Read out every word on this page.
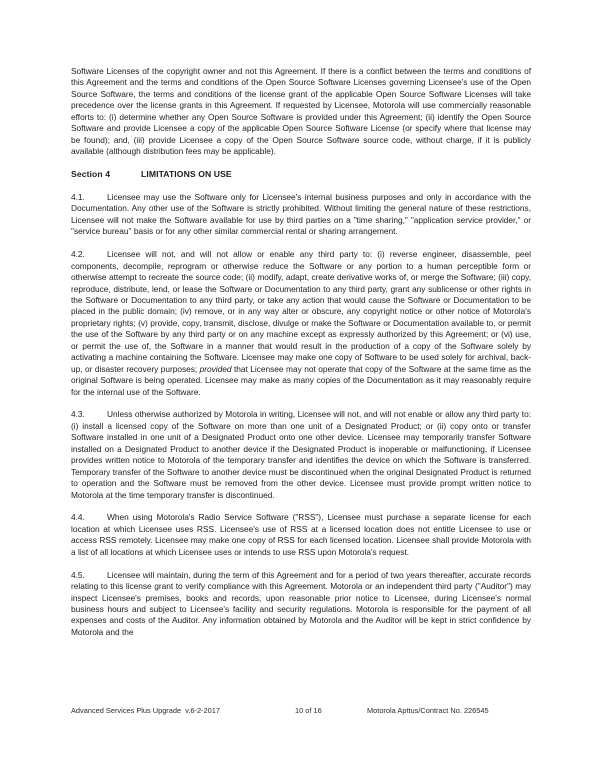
Software Licenses of the copyright owner and not this Agreement. If there is a conflict between the terms and conditions of this Agreement and the terms and conditions of the Open Source Software Licenses governing Licensee's use of the Open Source Software, the terms and conditions of the license grant of the applicable Open Source Software Licenses will take precedence over the license grants in this Agreement. If requested by Licensee, Motorola will use commercially reasonable efforts to: (i) determine whether any Open Source Software is provided under this Agreement; (ii) identify the Open Source Software and provide Licensee a copy of the applicable Open Source Software License (or specify where that license may be found); and, (iii) provide Licensee a copy of the Open Source Software source code, without charge, if it is publicly available (although distribution fees may be applicable).

Section 4	LIMITATIONS ON USE

4.1.	Licensee may use the Software only for Licensee's internal business purposes and only in accordance with the Documentation. Any other use of the Software is strictly prohibited. Without limiting the general nature of these restrictions, Licensee will not make the Software available for use by third parties on a "time sharing," "application service provider," or "service bureau" basis or for any other similar commercial rental or sharing arrangement.

4.2.	Licensee will not, and will not allow or enable any third party to: (i) reverse engineer, disassemble, peel components, decompile, reprogram or otherwise reduce the Software or any portion to a human perceptible form or otherwise attempt to recreate the source code; (ii) modify, adapt, create derivative works of, or merge the Software; (iii) copy, reproduce, distribute, lend, or lease the Software or Documentation to any third party, grant any sublicense or other rights in the Software or Documentation to any third party, or take any action that would cause the Software or Documentation to be placed in the public domain; (iv) remove, or in any way alter or obscure, any copyright notice or other notice of Motorola's proprietary rights; (v) provide, copy, transmit, disclose, divulge or make the Software or Documentation available to, or permit the use of the Software by any third party or on any machine except as expressly authorized by this Agreement; or (vi) use, or permit the use of, the Software in a manner that would result in the production of a copy of the Software solely by activating a machine containing the Software. Licensee may make one copy of Software to be used solely for archival, back-up, or disaster recovery purposes; provided that Licensee may not operate that copy of the Software at the same time as the original Software is being operated. Licensee may make as many copies of the Documentation as it may reasonably require for the internal use of the Software.

4.3.	Unless otherwise authorized by Motorola in writing, Licensee will not, and will not enable or allow any third party to: (i) install a licensed copy of the Software on more than one unit of a Designated Product; or (ii) copy onto or transfer Software installed in one unit of a Designated Product onto one other device. Licensee may temporarily transfer Software installed on a Designated Product to another device if the Designated Product is inoperable or malfunctioning, if Licensee provides written notice to Motorola of the temporary transfer and identifies the device on which the Software is transferred. Temporary transfer of the Software to another device must be discontinued when the original Designated Product is returned to operation and the Software must be removed from the other device. Licensee must provide prompt written notice to Motorola at the time temporary transfer is discontinued.

4.4.	When using Motorola's Radio Service Software ("RSS"), Licensee must purchase a separate license for each location at which Licensee uses RSS. Licensee's use of RSS at a licensed location does not entitle Licensee to use or access RSS remotely. Licensee may make one copy of RSS for each licensed location. Licensee shall provide Motorola with a list of all locations at which Licensee uses or intends to use RSS upon Motorola's request.

4.5.	Licensee will maintain, during the term of this Agreement and for a period of two years thereafter, accurate records relating to this license grant to verify compliance with this Agreement. Motorola or an independent third party ("Auditor") may inspect Licensee's premises, books and records, upon reasonable prior notice to Licensee, during Licensee's normal business hours and subject to Licensee's facility and security regulations. Motorola is responsible for the payment of all expenses and costs of the Auditor. Any information obtained by Motorola and the Auditor will be kept in strict confidence by Motorola and the

Advanced Services Plus Upgrade  v.6-2-2017	10 of 16	Motorola Apttus/Contract No. 226545
